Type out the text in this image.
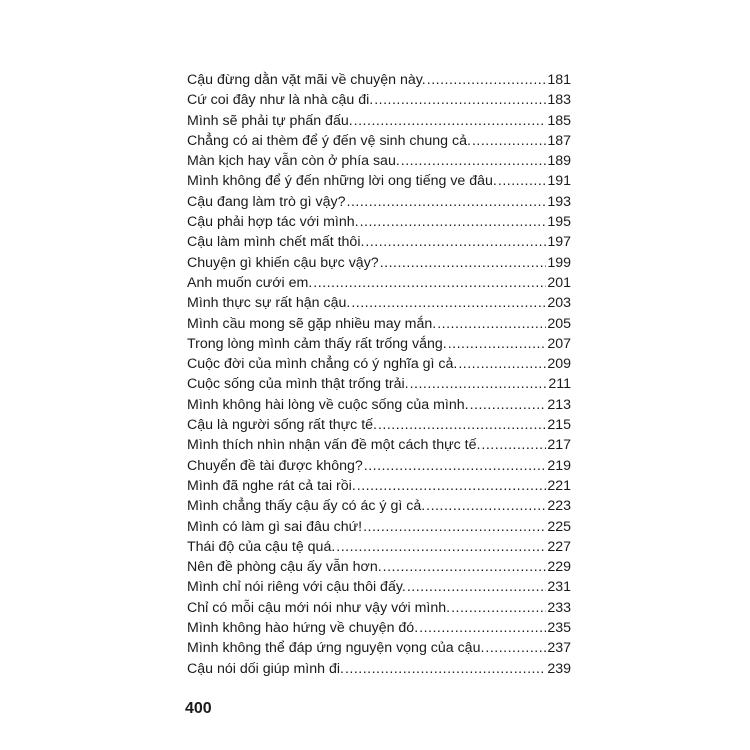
Cậu đừng dằn vặt mãi về chuyện này. .....	181
Cứ coi đây như là nhà cậu đi. .....	183
Mình sẽ phải tự phấn đấu. .....	185
Chẳng có ai thèm để ý đến vệ sinh chung cả. .....	187
Màn kịch hay vẫn còn ở phía sau. .....	189
Mình không để ý đến những lời ong tiếng ve đâu. .....	191
Cậu đang làm trò gì vậy? .....	193
Cậu phải hợp tác với mình. .....	195
Cậu làm mình chết mất thôi. .....	197
Chuyện gì khiến cậu bực vậy? .....	199
Anh muốn cưới em. .....	201
Mình thực sự rất hận cậu. .....	203
Mình cầu mong sẽ gặp nhiều may mắn. .....	205
Trong lòng mình cảm thấy rất trống vắng. .....	207
Cuộc đời của mình chẳng có ý nghĩa gì cả. .....	209
Cuộc sống của mình thật trống trải. .....	211
Mình không hài lòng về cuộc sống của mình. .....	213
Cậu là người sống rất thực tế. .....	215
Mình thích nhìn nhận vấn đề một cách thực tế. .....	217
Chuyển đề tài được không? .....	219
Mình đã nghe rát cả tai rồi. .....	221
Mình chẳng thấy cậu ấy có ác ý gì cả. .....	223
Mình có làm gì sai đâu chứ! .....	225
Thái độ của cậu tệ quá. .....	227
Nên đề phòng cậu ấy vẫn hơn. .....	229
Mình chỉ nói riêng với cậu thôi đấy. .....	231
Chỉ có mỗi cậu mới nói như vậy với mình. .....	233
Mình không hào hứng về chuyện đó. .....	235
Mình không thể đáp ứng nguyện vọng của cậu. .....	237
Cậu nói dối giúp mình đi. .....	239
400
